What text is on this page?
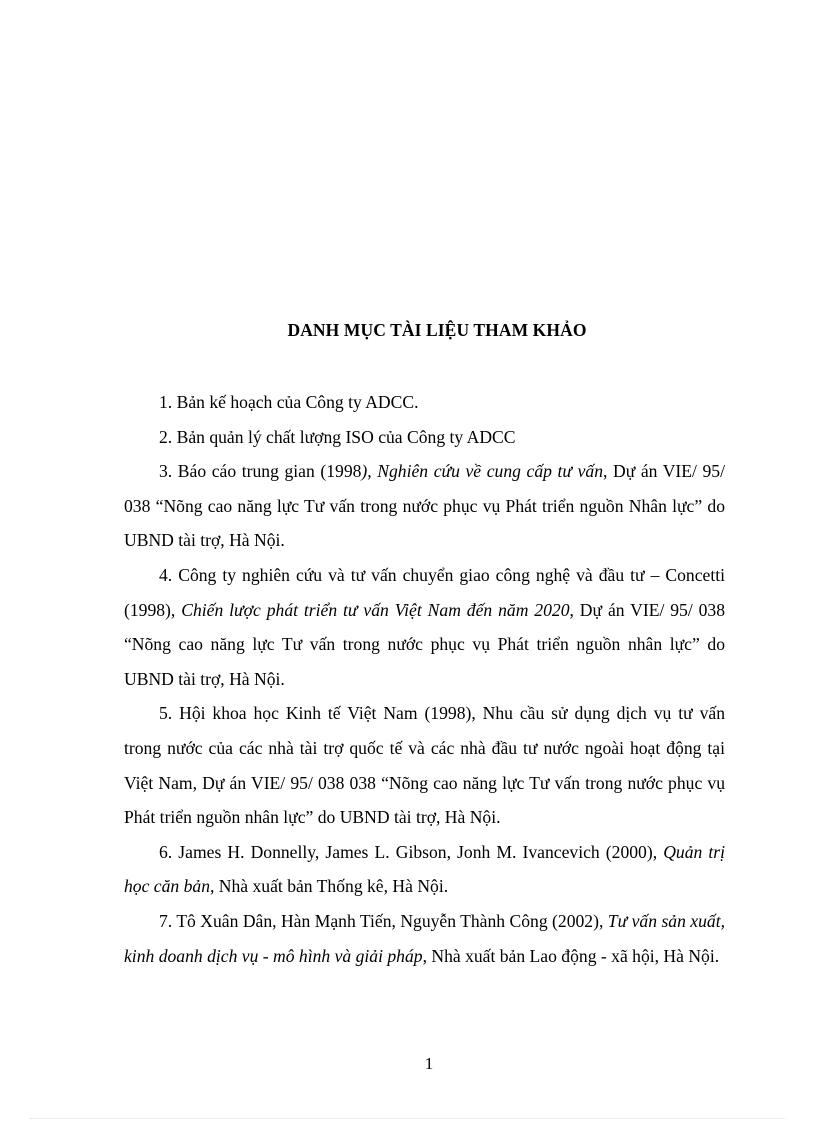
DANH MỤC TÀI LIỆU THAM KHẢO

1. Bản kế hoạch của Công ty ADCC.

2. Bản quản lý chất lượng ISO của Công ty ADCC

3. Báo cáo trung gian (1998), Nghiên cứu về cung cấp tư vấn, Dự án VIE/ 95/ 038 “Nõng cao năng lực Tư vấn trong nước phục vụ Phát triển nguồn Nhân lực” do UBND tài trợ, Hà Nội.

4. Công ty nghiên cứu và tư vấn chuyển giao công nghệ và đầu tư – Concetti (1998), Chiến lược phát triển tư vấn Việt Nam đến năm 2020, Dự án VIE/ 95/ 038 “Nõng cao năng lực Tư vấn trong nước phục vụ Phát triển nguồn nhân lực” do UBND tài trợ, Hà Nội.

5. Hội khoa học Kinh tế Việt Nam (1998), Nhu cầu sử dụng dịch vụ tư vấn trong nước của các nhà tài trợ quốc tế và các nhà đầu tư nước ngoài hoạt động tại Việt Nam, Dự án VIE/ 95/ 038 038 “Nõng cao năng lực Tư vấn trong nước phục vụ Phát triển nguồn nhân lực” do UBND tài trợ, Hà Nội.

6. James H. Donnelly, James L. Gibson, Jonh M. Ivancevich (2000), Quản trị học căn bản, Nhà xuất bản Thống kê, Hà Nội.

7. Tô Xuân Dân, Hàn Mạnh Tiến, Nguyễn Thành Công (2002), Tư vấn sản xuất, kinh doanh dịch vụ - mô hình và giải pháp, Nhà xuất bản Lao động - xã hội, Hà Nội.

1
